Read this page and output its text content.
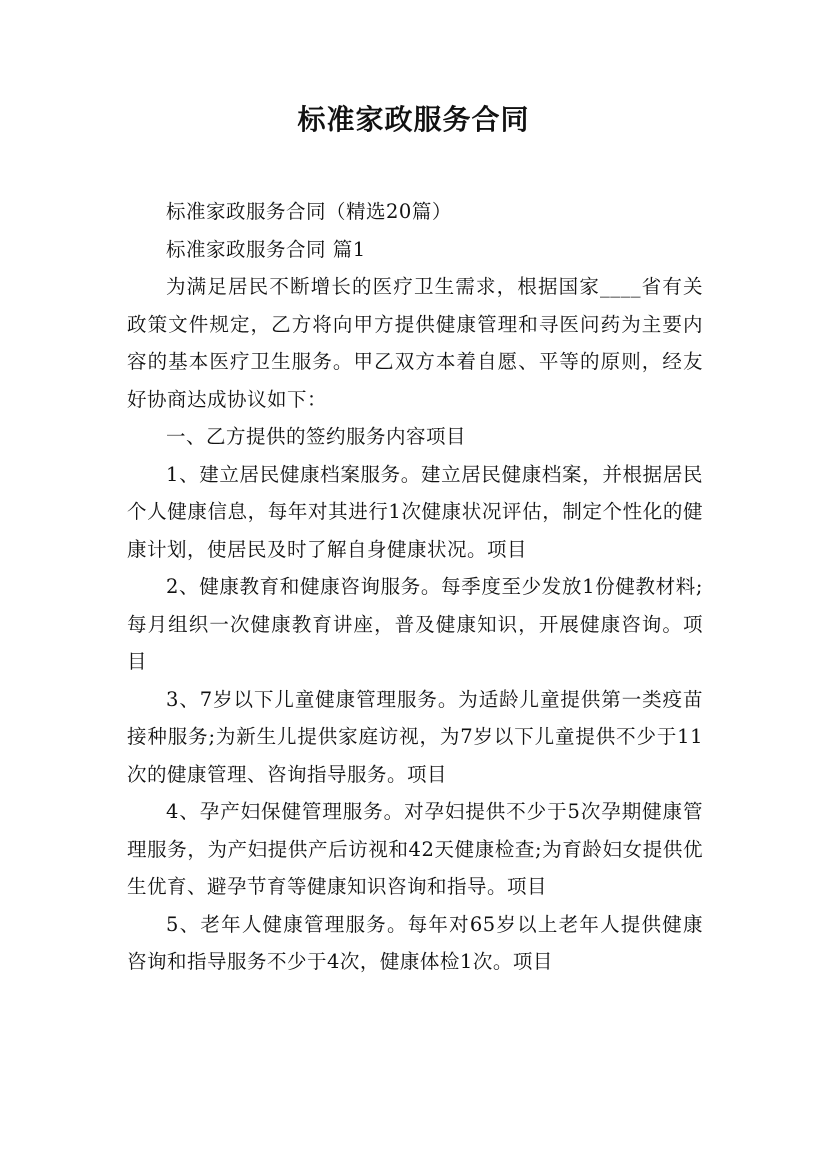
标准家政服务合同

标准家政服务合同（精选20篇）

标准家政服务合同 篇1

为满足居民不断增长的医疗卫生需求，根据国家____省有关政策文件规定，乙方将向甲方提供健康管理和寻医问药为主要内容的基本医疗卫生服务。甲乙双方本着自愿、平等的原则，经友好协商达成协议如下：

一、乙方提供的签约服务内容项目

1、建立居民健康档案服务。建立居民健康档案，并根据居民个人健康信息，每年对其进行1次健康状况评估，制定个性化的健康计划，使居民及时了解自身健康状况。项目

2、健康教育和健康咨询服务。每季度至少发放1份健教材料;每月组织一次健康教育讲座，普及健康知识，开展健康咨询。项目

3、7岁以下儿童健康管理服务。为适龄儿童提供第一类疫苗接种服务;为新生儿提供家庭访视，为7岁以下儿童提供不少于11次的健康管理、咨询指导服务。项目

4、孕产妇保健管理服务。对孕妇提供不少于5次孕期健康管理服务，为产妇提供产后访视和42天健康检查;为育龄妇女提供优生优育、避孕节育等健康知识咨询和指导。项目

5、老年人健康管理服务。每年对65岁以上老年人提供健康咨询和指导服务不少于4次，健康体检1次。项目
